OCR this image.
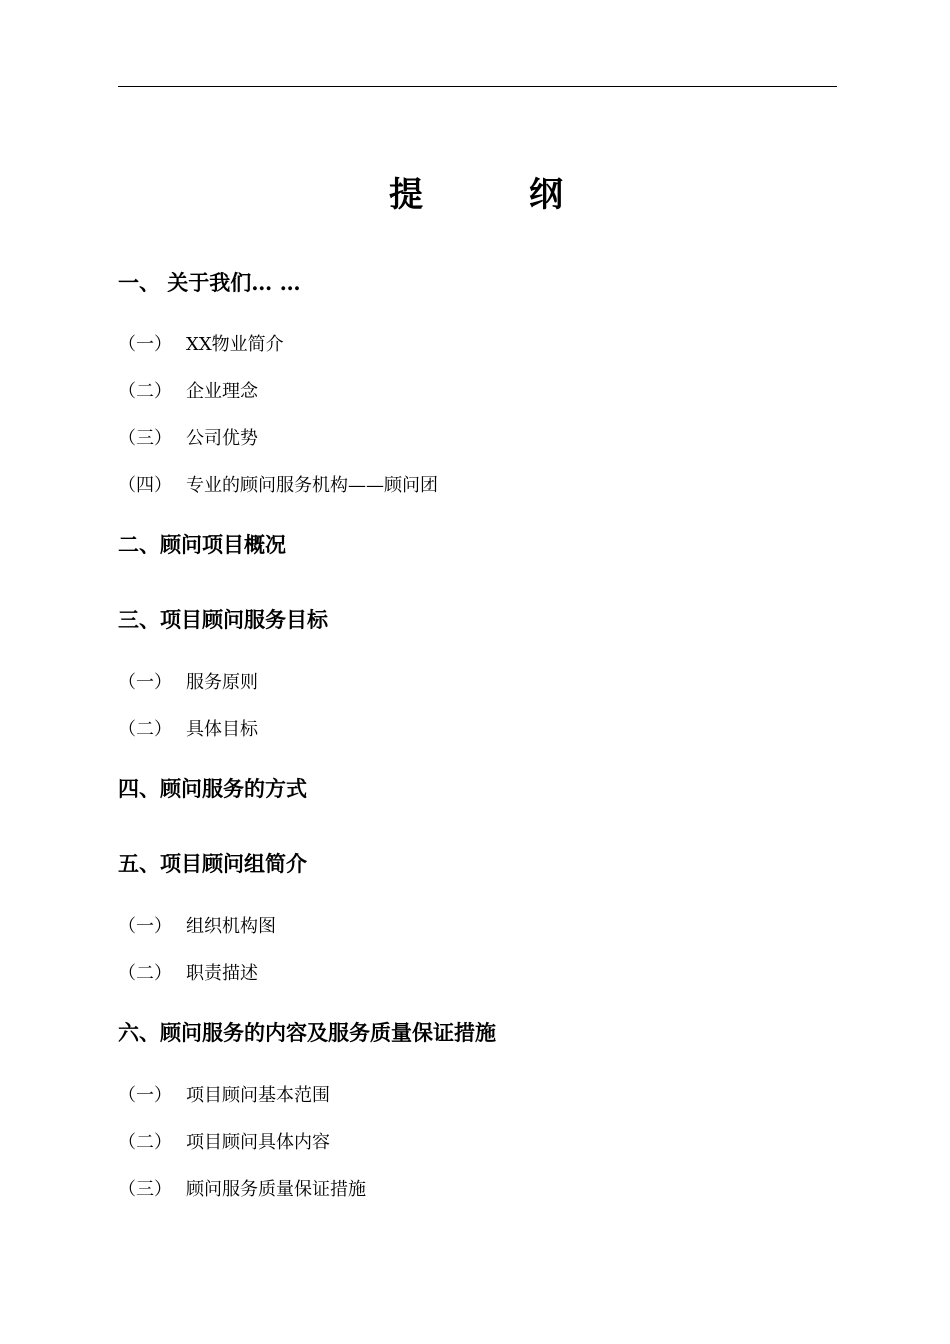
提	纲
一、 关于我们… …
（一） XX物业简介
（二） 企业理念
（三） 公司优势
（四） 专业的顾问服务机构——顾问团
二、顾问项目概况
三、项目顾问服务目标
（一） 服务原则
（二） 具体目标
四、顾问服务的方式
五、项目顾问组简介
（一） 组织机构图
（二） 职责描述
六、顾问服务的内容及服务质量保证措施
（一） 项目顾问基本范围
（二） 项目顾问具体内容
（三） 顾问服务质量保证措施
